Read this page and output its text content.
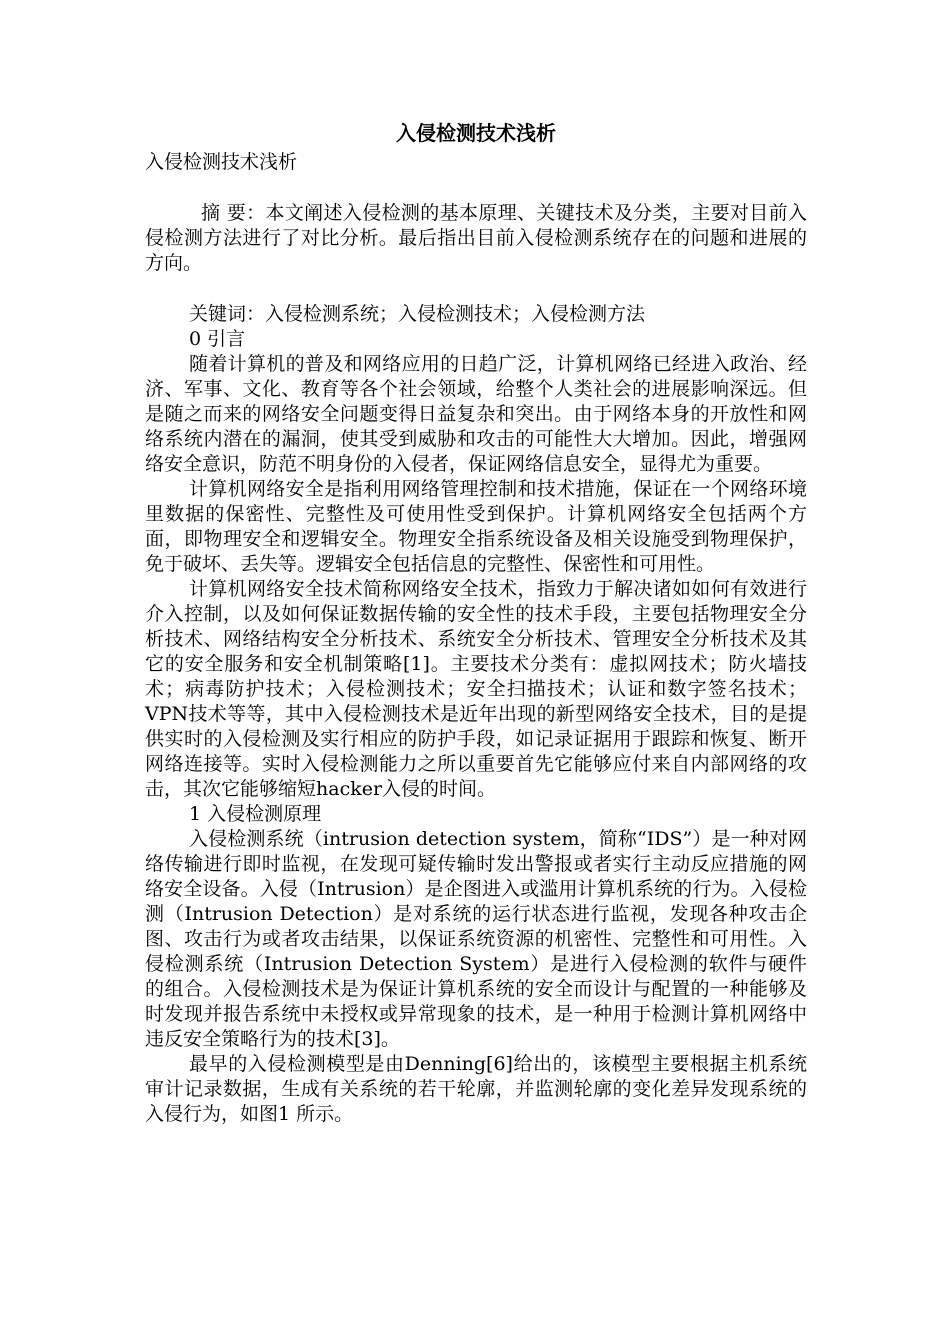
入侵检测技术浅析
入侵检测技术浅析

摘 要：本文阐述入侵检测的基本原理、关键技术及分类，主要对目前入侵检测方法进行了对比分析。最后指出目前入侵检测系统存在的问题和进展的方向。

关键词：入侵检测系统；入侵检测技术；入侵检测方法

0 引言

随着计算机的普及和网络应用的日趋广泛，计算机网络已经进入政治、经济、军事、文化、教育等各个社会领域，给整个人类社会的进展影响深远。但是随之而来的网络安全问题变得日益复杂和突出。由于网络本身的开放性和网络系统内潜在的漏洞，使其受到威胁和攻击的可能性大大增加。因此，增强网络安全意识，防范不明身份的入侵者，保证网络信息安全，显得尤为重要。

计算机网络安全是指利用网络管理控制和技术措施，保证在一个网络环境里数据的保密性、完整性及可使用性受到保护。计算机网络安全包括两个方面，即物理安全和逻辑安全。物理安全指系统设备及相关设施受到物理保护，免于破坏、丢失等。逻辑安全包括信息的完整性、保密性和可用性。

计算机网络安全技术简称网络安全技术，指致力于解决诸如如何有效进行介入控制，以及如何保证数据传输的安全性的技术手段，主要包括物理安全分析技术、网络结构安全分析技术、系统安全分析技术、管理安全分析技术及其它的安全服务和安全机制策略[1]。主要技术分类有：虚拟网技术；防火墙技术；病毒防护技术；入侵检测技术；安全扫描技术；认证和数字签名技术；VPN技术等等，其中入侵检测技术是近年出现的新型网络安全技术，目的是提供实时的入侵检测及实行相应的防护手段，如记录证据用于跟踪和恢复、断开网络连接等。实时入侵检测能力之所以重要首先它能够应付来自内部网络的攻击，其次它能够缩短hacker入侵的时间。

1 入侵检测原理

入侵检测系统（intrusion detection system，简称“IDS”）是一种对网络传输进行即时监视，在发现可疑传输时发出警报或者实行主动反应措施的网络安全设备。入侵（Intrusion）是企图进入或滥用计算机系统的行为。入侵检测（Intrusion Detection）是对系统的运行状态进行监视，发现各种攻击企图、攻击行为或者攻击结果，以保证系统资源的机密性、完整性和可用性。入侵检测系统（Intrusion Detection System）是进行入侵检测的软件与硬件的组合。入侵检测技术是为保证计算机系统的安全而设计与配置的一种能够及时发现并报告系统中未授权或异常现象的技术，是一种用于检测计算机网络中违反安全策略行为的技术[3]。

最早的入侵检测模型是由Denning[6]给出的，该模型主要根据主机系统审计记录数据，生成有关系统的若干轮廓，并监测轮廓的变化差异发现系统的入侵行为，如图1 所示。
